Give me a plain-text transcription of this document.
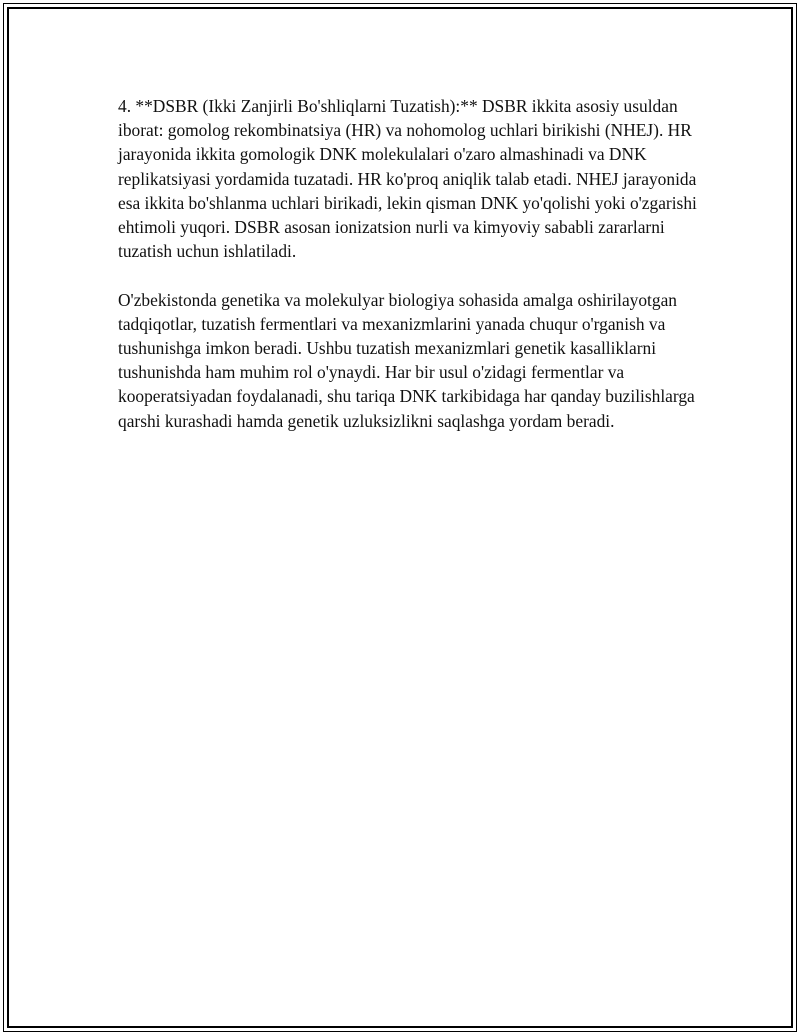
4. **DSBR (Ikki Zanjirli Bo'shliqlarni Tuzatish):** DSBR ikkita asosiy usuldan iborat: gomolog rekombinatsiya (HR) va nohomolog uchlari birikishi (NHEJ). HR jarayonida ikkita gomologik DNK molekulalari o'zaro almashinadi va DNK replikatsiyasi yordamida tuzatadi. HR ko'proq aniqlik talab etadi. NHEJ jarayonida esa ikkita bo'shlanma uchlari birikadi, lekin qisman DNK yo'qolishi yoki o'zgarishi ehtimoli yuqori. DSBR asosan ionizatsion nurli va kimyoviy sababli zararlarni tuzatish uchun ishlatiladi.

O'zbekistonda genetika va molekulyar biologiya sohasida amalga oshirilayotgan tadqiqotlar, tuzatish fermentlari va mexanizmlarini yanada chuqur o'rganish va tushunishga imkon beradi. Ushbu tuzatish mexanizmlari genetik kasalliklarni tushunishda ham muhim rol o'ynaydi. Har bir usul o'zidagi fermentlar va kooperatsiyadan foydalanadi, shu tariqa DNK tarkibidaga har qanday buzilishlarga qarshi kurashadi hamda genetik uzluksizlikni saqlashga yordam beradi.
